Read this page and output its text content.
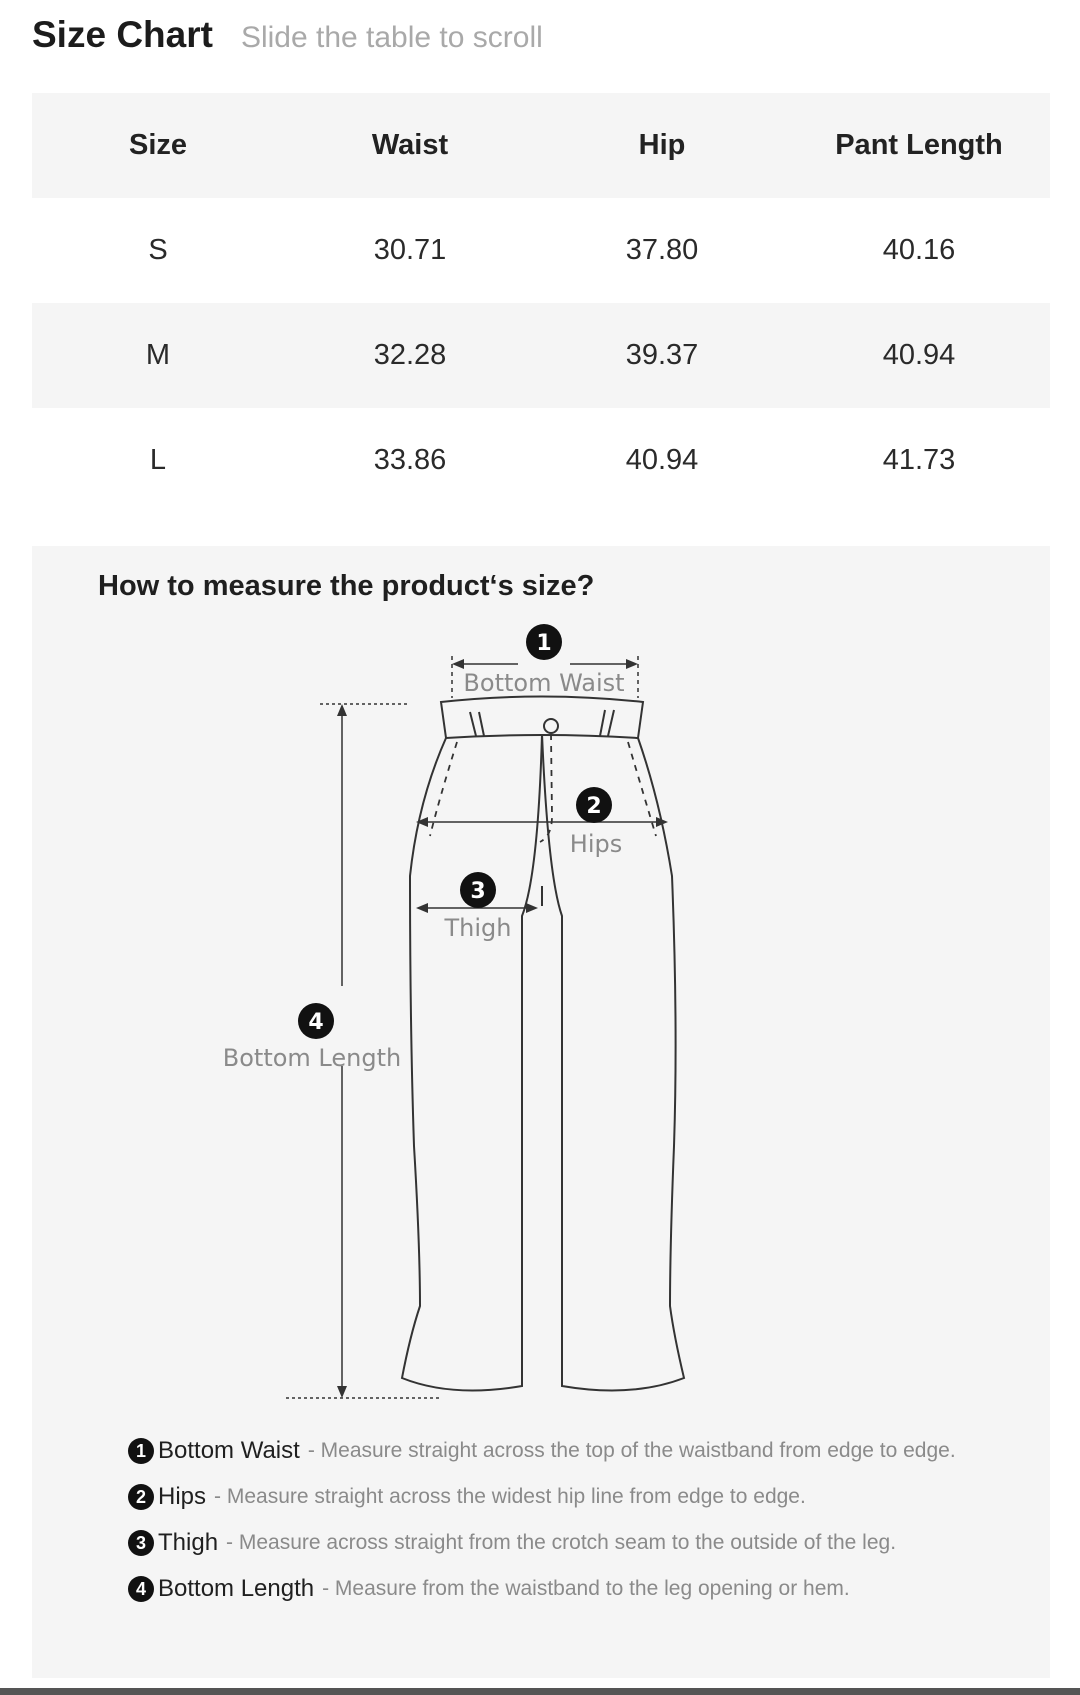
Size Chart Slide the table to scroll
Size	Waist	Hip	Pant Length
S	30.71	37.80	40.16
M	32.28	39.37	40.94
L	33.86	40.94	41.73
How to measure the product‘s size?
1
Bottom Waist
2
Hips
3
Thigh
4
Bottom Length
1 Bottom Waist - Measure straight across the top of the waistband from edge to edge.
2 Hips - Measure straight across the widest hip line from edge to edge.
3 Thigh - Measure across straight from the crotch seam to the outside of the leg.
4 Bottom Length - Measure from the waistband to the leg opening or hem.
